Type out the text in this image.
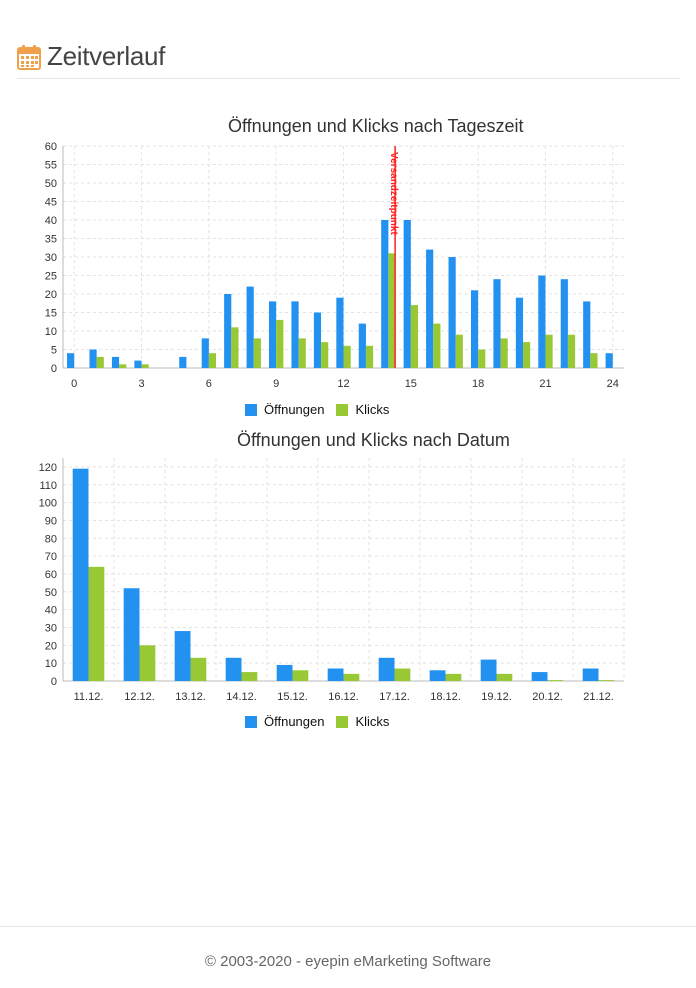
Zeitverlauf
Öffnungen und Klicks nach Tageszeit
0
5
10
15
20
25
30
35
40
45
50
55
60
0	3	6	9	12	15	18	21	24
Versandzeitpunkt
Öffnungen Klicks
Öffnungen und Klicks nach Datum
0
10
20
30
40
50
60
70
80
90
100
110
120
11.12. 12.12. 13.12. 14.12. 15.12. 16.12. 17.12. 18.12. 19.12. 20.12. 21.12.
Öffnungen Klicks
© 2003-2020 - eyepin eMarketing Software
